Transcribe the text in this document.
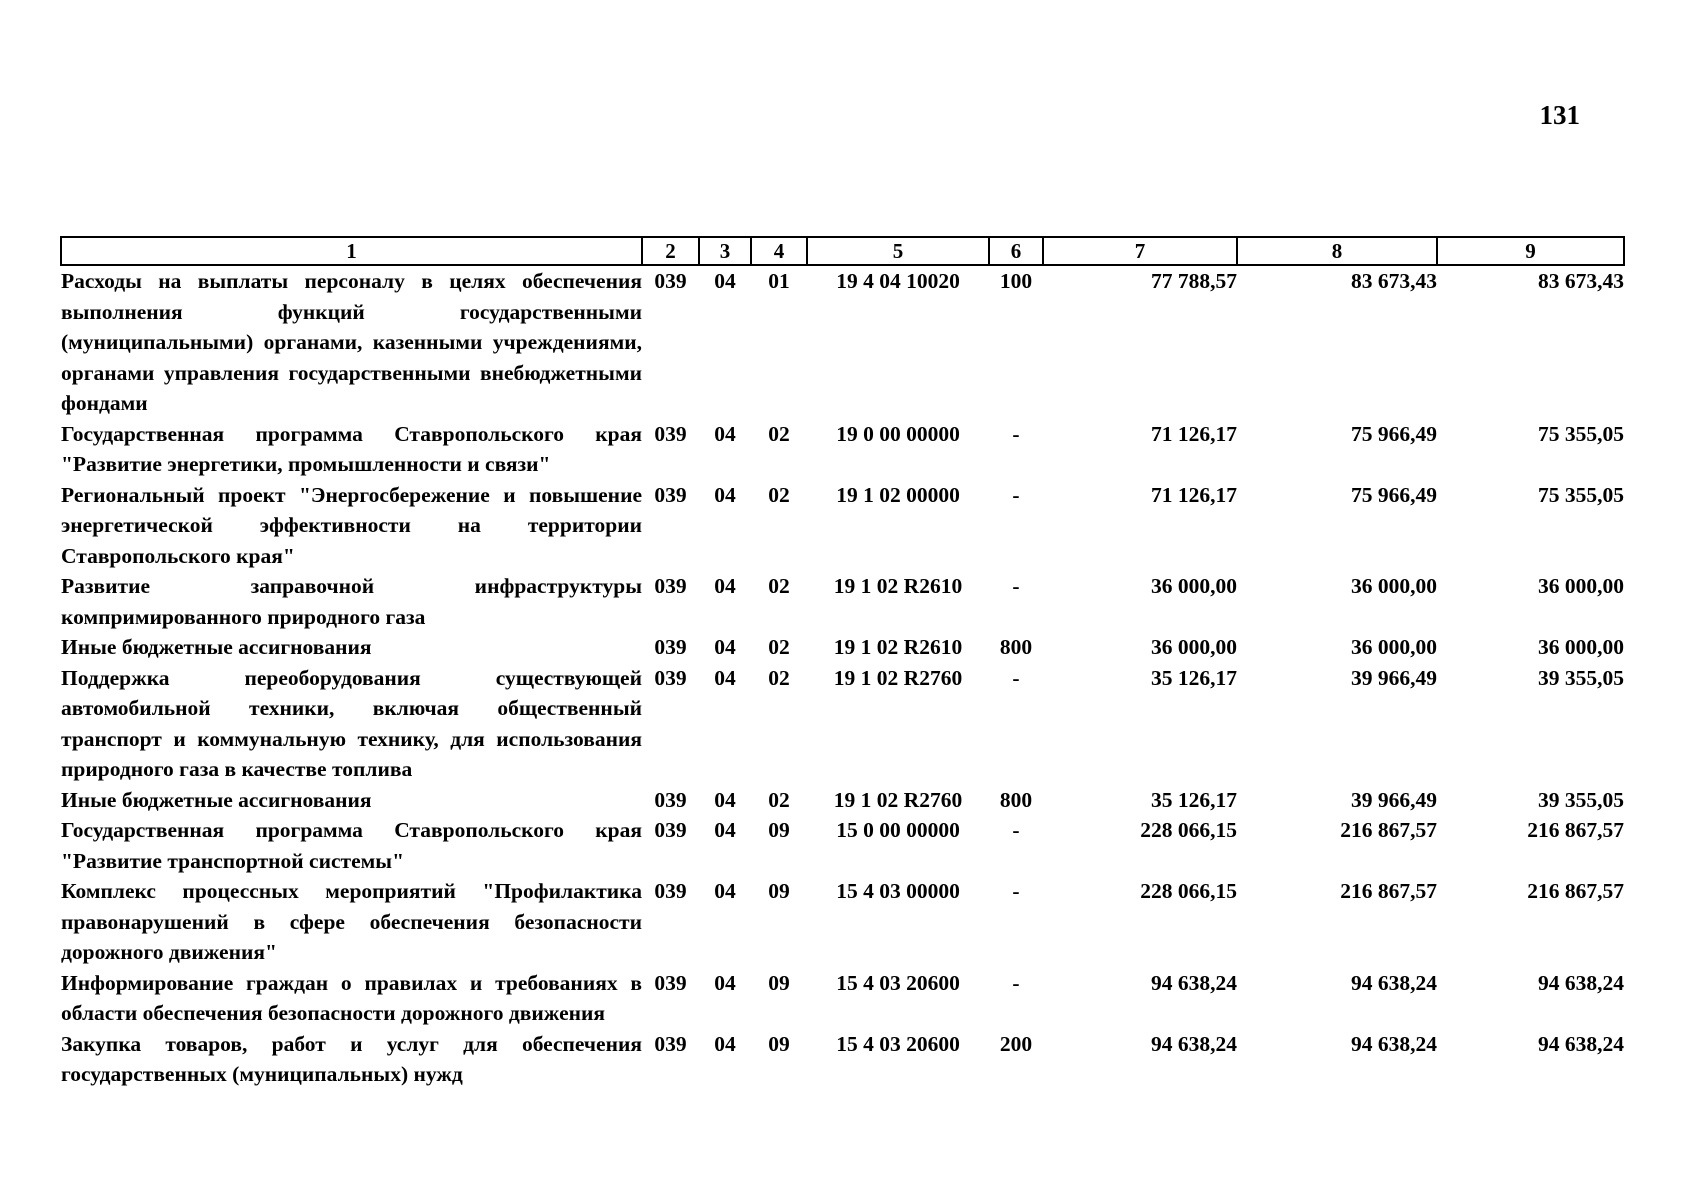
131
1	2	3	4	5	6	7	8	9
Расходы на выплаты персоналу в целях обеспечения выполнения функций государственными (муниципальными) органами, казенными учреждениями, органами управления государственными внебюджетными фондами	039	04	01	19 4 04 10020	100	77 788,57	83 673,43	83 673,43
Государственная программа Ставропольского края "Развитие энергетики, промышленности и связи"	039	04	02	19 0 00 00000	-	71 126,17	75 966,49	75 355,05
Региональный проект "Энергосбережение и повышение энергетической эффективности на территории Ставропольского края"	039	04	02	19 1 02 00000	-	71 126,17	75 966,49	75 355,05
Развитие заправочной инфраструктуры компримированного природного газа	039	04	02	19 1 02 R2610	-	36 000,00	36 000,00	36 000,00
Иные бюджетные ассигнования	039	04	02	19 1 02 R2610	800	36 000,00	36 000,00	36 000,00
Поддержка переоборудования существующей автомобильной техники, включая общественный транспорт и коммунальную технику, для использования природного газа в качестве топлива	039	04	02	19 1 02 R2760	-	35 126,17	39 966,49	39 355,05
Иные бюджетные ассигнования	039	04	02	19 1 02 R2760	800	35 126,17	39 966,49	39 355,05
Государственная программа Ставропольского края "Развитие транспортной системы"	039	04	09	15 0 00 00000	-	228 066,15	216 867,57	216 867,57
Комплекс процессных мероприятий "Профилактика правонарушений в сфере обеспечения безопасности дорожного движения"	039	04	09	15 4 03 00000	-	228 066,15	216 867,57	216 867,57
Информирование граждан о правилах и требованиях в области обеспечения безопасности дорожного движения	039	04	09	15 4 03 20600	-	94 638,24	94 638,24	94 638,24
Закупка товаров, работ и услуг для обеспечения государственных (муниципальных) нужд	039	04	09	15 4 03 20600	200	94 638,24	94 638,24	94 638,24
